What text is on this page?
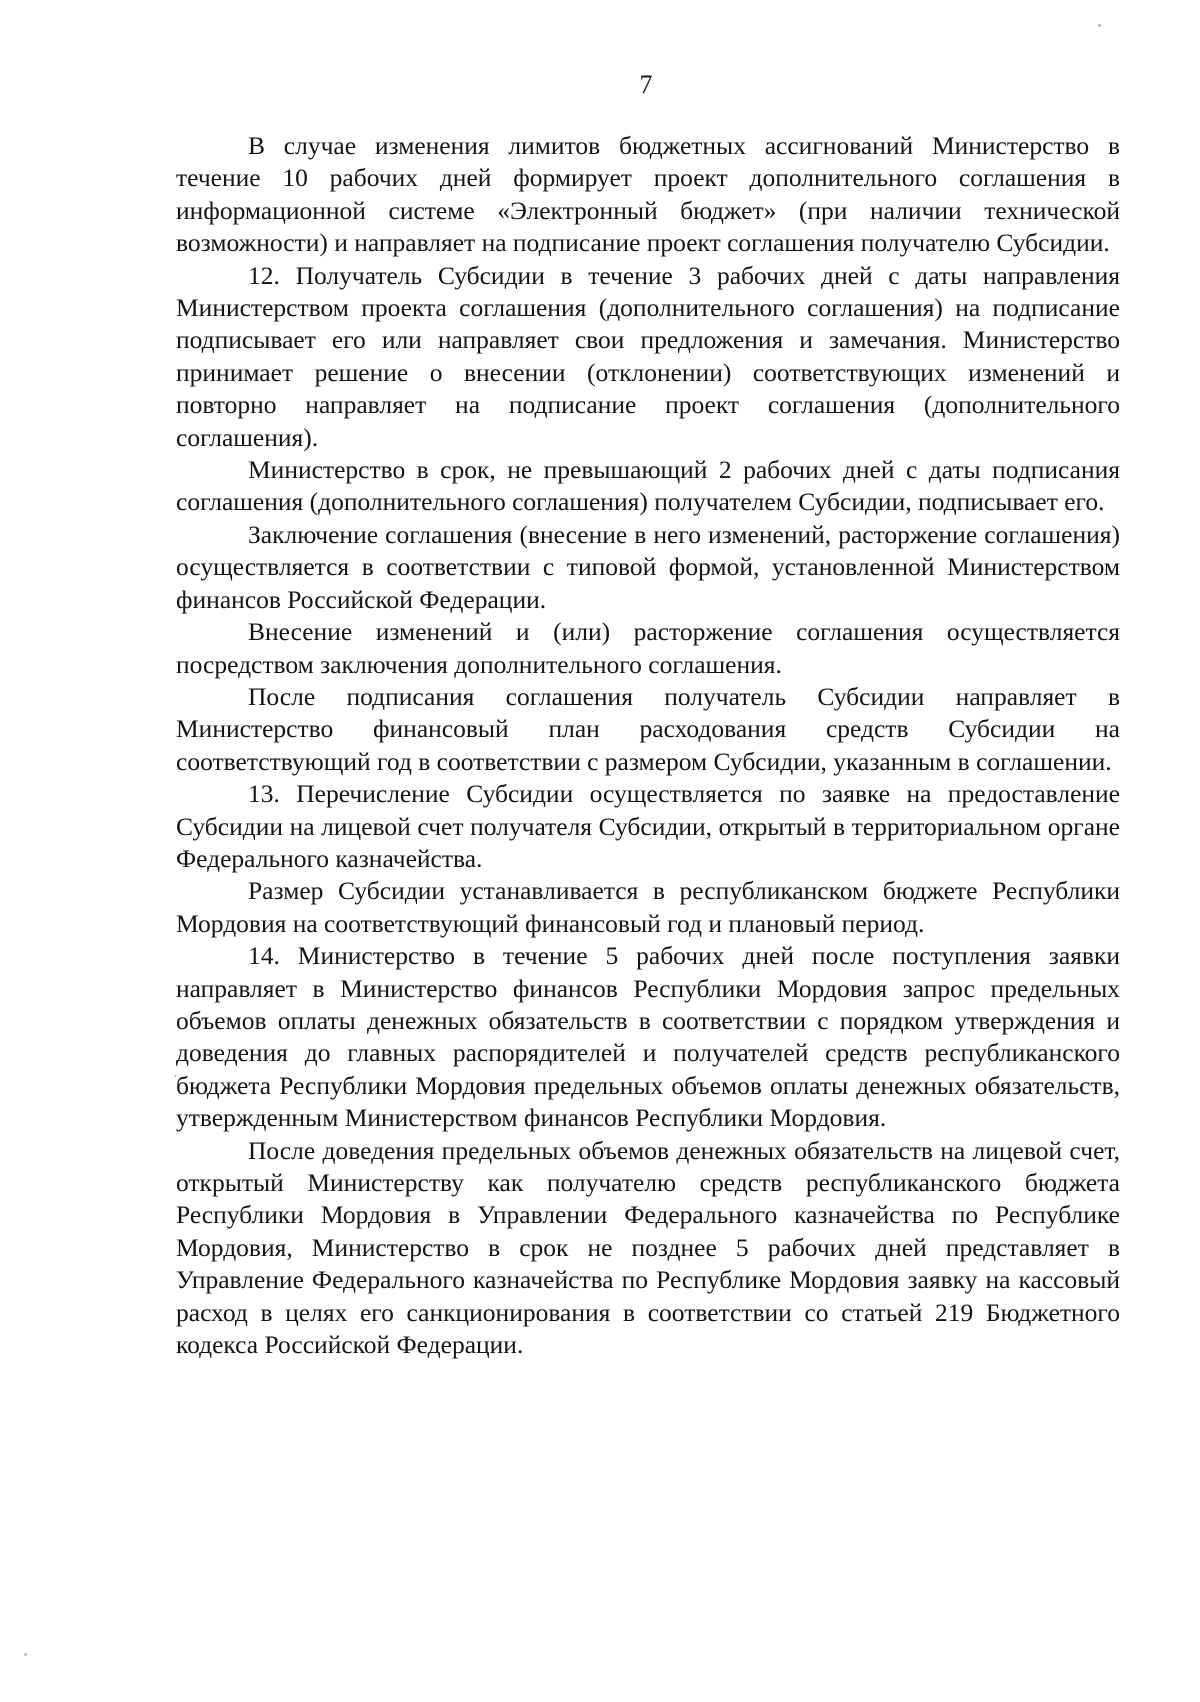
7

В случае изменения лимитов бюджетных ассигнований Министерство в течение 10 рабочих дней формирует проект дополнительного соглашения в информационной системе «Электронный бюджет» (при наличии технической возможности) и направляет на подписание проект соглашения получателю Субсидии.

12. Получатель Субсидии в течение 3 рабочих дней с даты направления Министерством проекта соглашения (дополнительного соглашения) на подписание подписывает его или направляет свои предложения и замечания. Министерство принимает решение о внесении (отклонении) соответствующих изменений и повторно направляет на подписание проект соглашения (дополнительного соглашения).

Министерство в срок, не превышающий 2 рабочих дней с даты подписания соглашения (дополнительного соглашения) получателем Субсидии, подписывает его.

Заключение соглашения (внесение в него изменений, расторжение соглашения) осуществляется в соответствии с типовой формой, установленной Министерством финансов Российской Федерации.

Внесение изменений и (или) расторжение соглашения осуществляется посредством заключения дополнительного соглашения.

После подписания соглашения получатель Субсидии направляет в Министерство финансовый план расходования средств Субсидии на соответствующий год в соответствии с размером Субсидии, указанным в соглашении.

13. Перечисление Субсидии осуществляется по заявке на предоставление Субсидии на лицевой счет получателя Субсидии, открытый в территориальном органе Федерального казначейства.

Размер Субсидии устанавливается в республиканском бюджете Республики Мордовия на соответствующий финансовый год и плановый период.

14. Министерство в течение 5 рабочих дней после поступления заявки направляет в Министерство финансов Республики Мордовия запрос предельных объемов оплаты денежных обязательств в соответствии с порядком утверждения и доведения до главных распорядителей и получателей средств республиканского бюджета Республики Мордовия предельных объемов оплаты денежных обязательств, утвержденным Министерством финансов Республики Мордовия.

После доведения предельных объемов денежных обязательств на лицевой счет, открытый Министерству как получателю средств республиканского бюджета Республики Мордовия в Управлении Федерального казначейства по Республике Мордовия, Министерство в срок не позднее 5 рабочих дней представляет в Управление Федерального казначейства по Республике Мордовия заявку на кассовый расход в целях его санкционирования в соответствии со статьей 219 Бюджетного кодекса Российской Федерации.
